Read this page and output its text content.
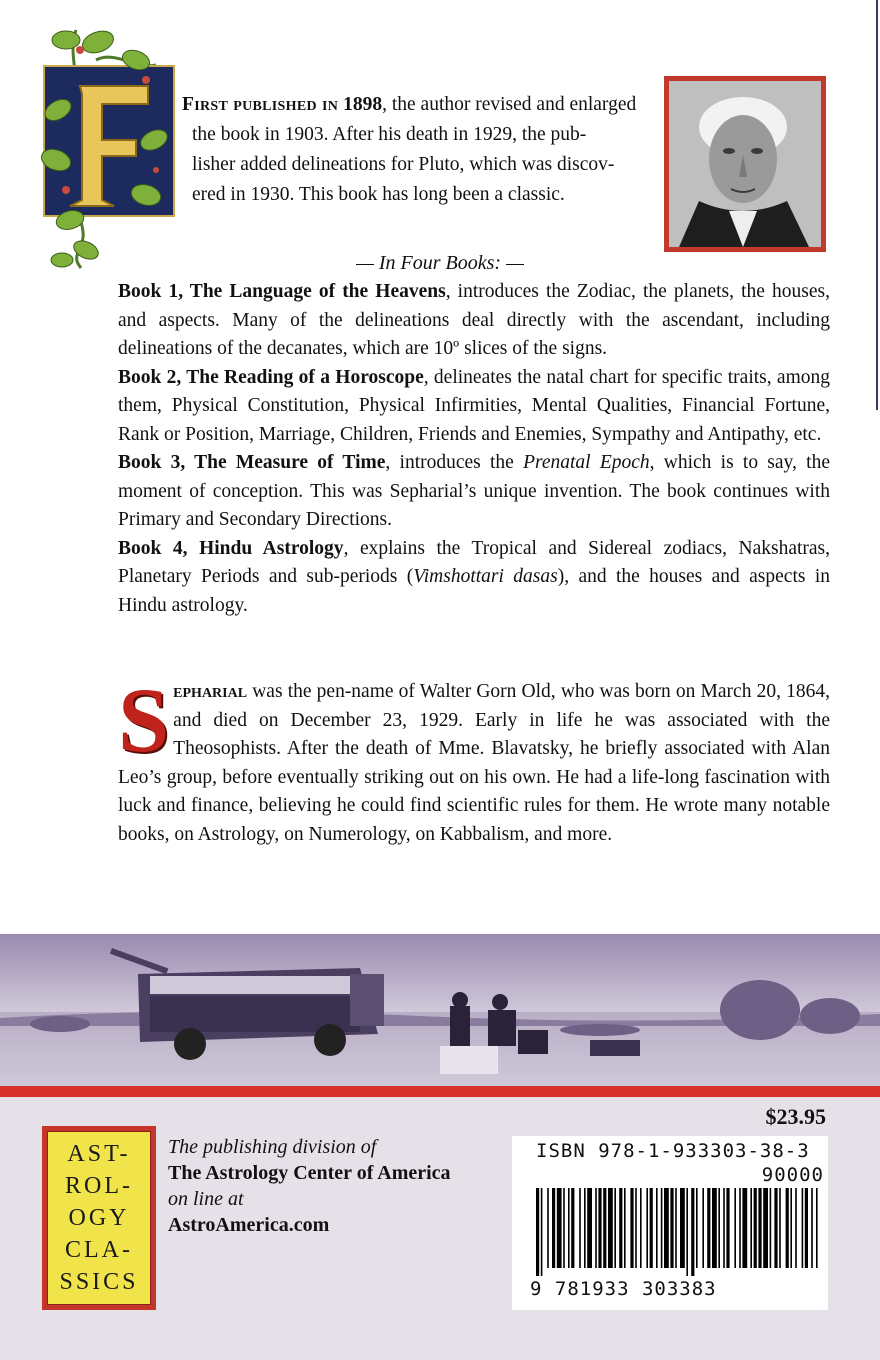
First published in 1898, the author revised and enlarged
the book in 1903. After his death in 1929, the pub-
lisher added delineations for Pluto, which was discov-
ered in 1930. This book has long been a classic.
— In Four Books: —

Book 1, The Language of the Heavens, introduces the Zodiac, the planets, the houses, and aspects. Many of the delineations deal directly with the ascendant, including delineations of the decanates, which are 10º slices of the signs.

Book 2, The Reading of a Horoscope, delineates the natal chart for specific traits, among them, Physical Constitution, Physical Infirmities, Mental Qualities, Financial Fortune, Rank or Position, Marriage, Children, Friends and Enemies, Sympathy and Antipathy, etc.

Book 3, The Measure of Time, introduces the Prenatal Epoch, which is to say, the moment of conception. This was Sepharial’s unique invention. The book continues with Primary and Secondary Directions.

Book 4, Hindu Astrology, explains the Tropical and Sidereal zodiacs, Nakshatras, Planetary Periods and sub-periods (Vimshottari dasas), and the houses and aspects in Hindu astrology.

Sepharial was the pen-name of Walter Gorn Old, who was born on March 20, 1864, and died on December 23, 1929. Early in life he was associated with the Theosophists. After the death of Mme. Blavatsky, he briefly associated with Alan Leo’s group, before eventually striking out on his own. He had a life-long fascination with luck and finance, believing he could find scientific rules for them. He wrote many notable books, on Astrology, on Numerology, on Kabbalism, and more.
$23.95
AST-
ROL-
OGY
CLA-
SSICS
The publishing division of
The Astrology Center of America
on line at
AstroAmerica.com
ISBN 978-1-933303-38-3
90000
9 781933 303383
